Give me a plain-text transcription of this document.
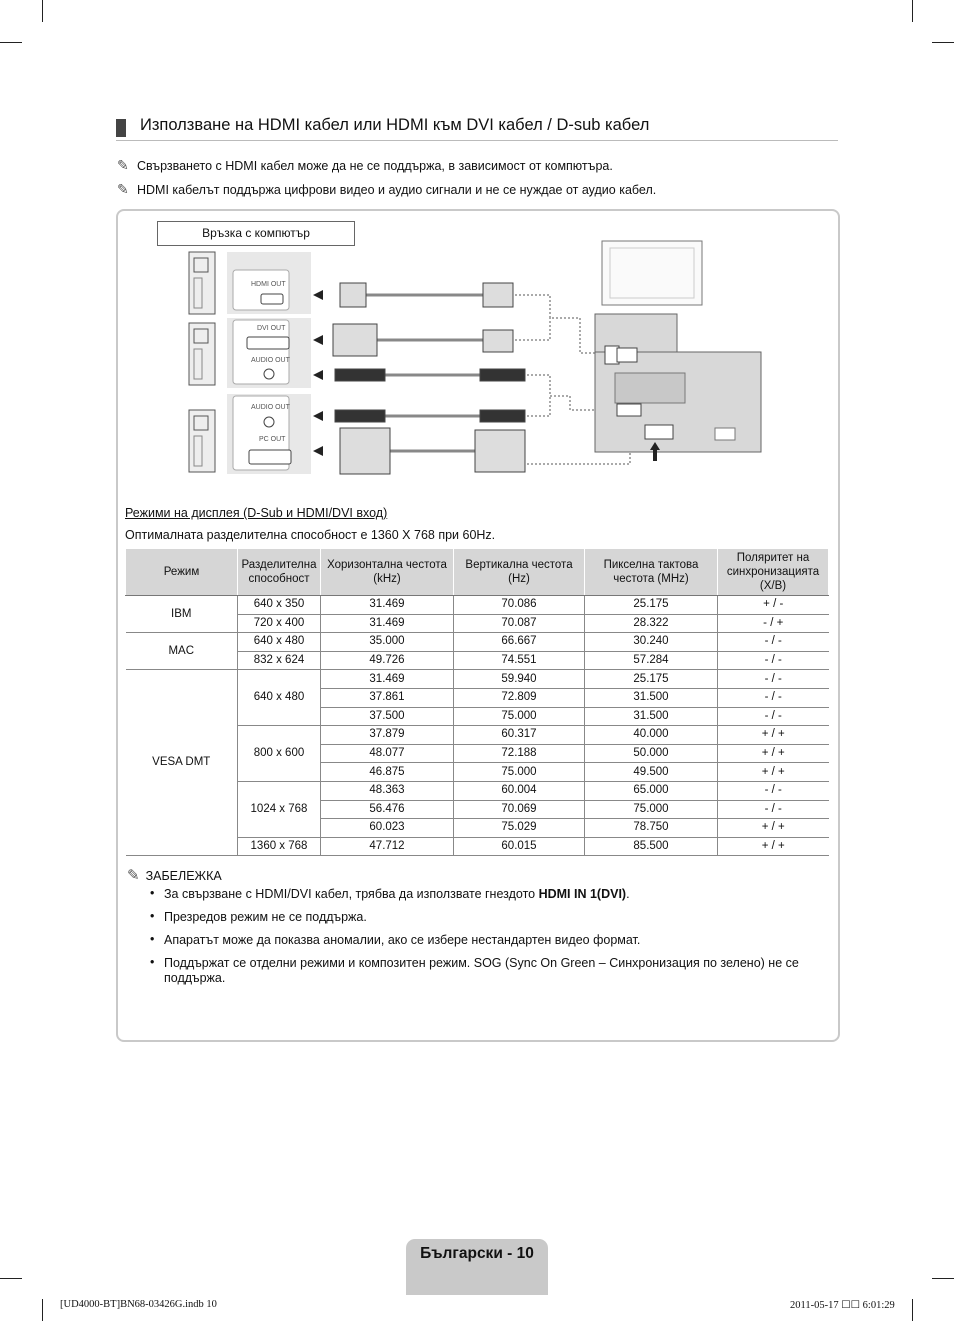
Използване на HDMI кабел или HDMI към DVI кабел / D-sub кабел
✎ Свързването с HDMI кабел може да не се поддържа, в зависимост от компютъра.
✎ HDMI кабелът поддържа цифрови видео и аудио сигнали и не се нуждае от аудио кабел.
Връзка с компютър
HDMI OUT
DVI OUT
AUDIO OUT
AUDIO OUT
PC OUT
Режими на дисплея (D-Sub и HDMI/DVI вход)
Оптималната разделителна способност е 1360 X 768 при 60Hz.
Режим	Разделителна способност	Хоризонтална честота (kHz)	Вертикална честота (Hz)	Пикселна тактова честота (MHz)	Поляритет на синхронизацията (Х/В)
IBM	640 x 350	31.469	70.086	25.175	+ / -
	720 x 400	31.469	70.087	28.322	- / +
MAC	640 x 480	35.000	66.667	30.240	- / -
	832 x 624	49.726	74.551	57.284	- / -
VESA DMT	640 x 480	31.469	59.940	25.175	- / -
		37.861	72.809	31.500	- / -
		37.500	75.000	31.500	- / -
	800 x 600	37.879	60.317	40.000	+ / +
		48.077	72.188	50.000	+ / +
		46.875	75.000	49.500	+ / +
	1024 x 768	48.363	60.004	65.000	- / -
		56.476	70.069	75.000	- / -
		60.023	75.029	78.750	+ / +
	1360 x 768	47.712	60.015	85.500	+ / +
✎ ЗАБЕЛЕЖКА
• За свързване с HDMI/DVI кабел, трябва да използвате гнездото HDMI IN 1(DVI).
• Презредов режим не се поддържа.
• Апаратът може да показва аномалии, ако се избере нестандартен видео формат.
• Поддържат се отделни режими и композитен режим. SOG (Sync On Green – Синхронизация по зелено) не се поддържа.
Български - 10
[UD4000-BT]BN68-03426G.indb 10	2011-05-17 ☐☐ 6:01:29
